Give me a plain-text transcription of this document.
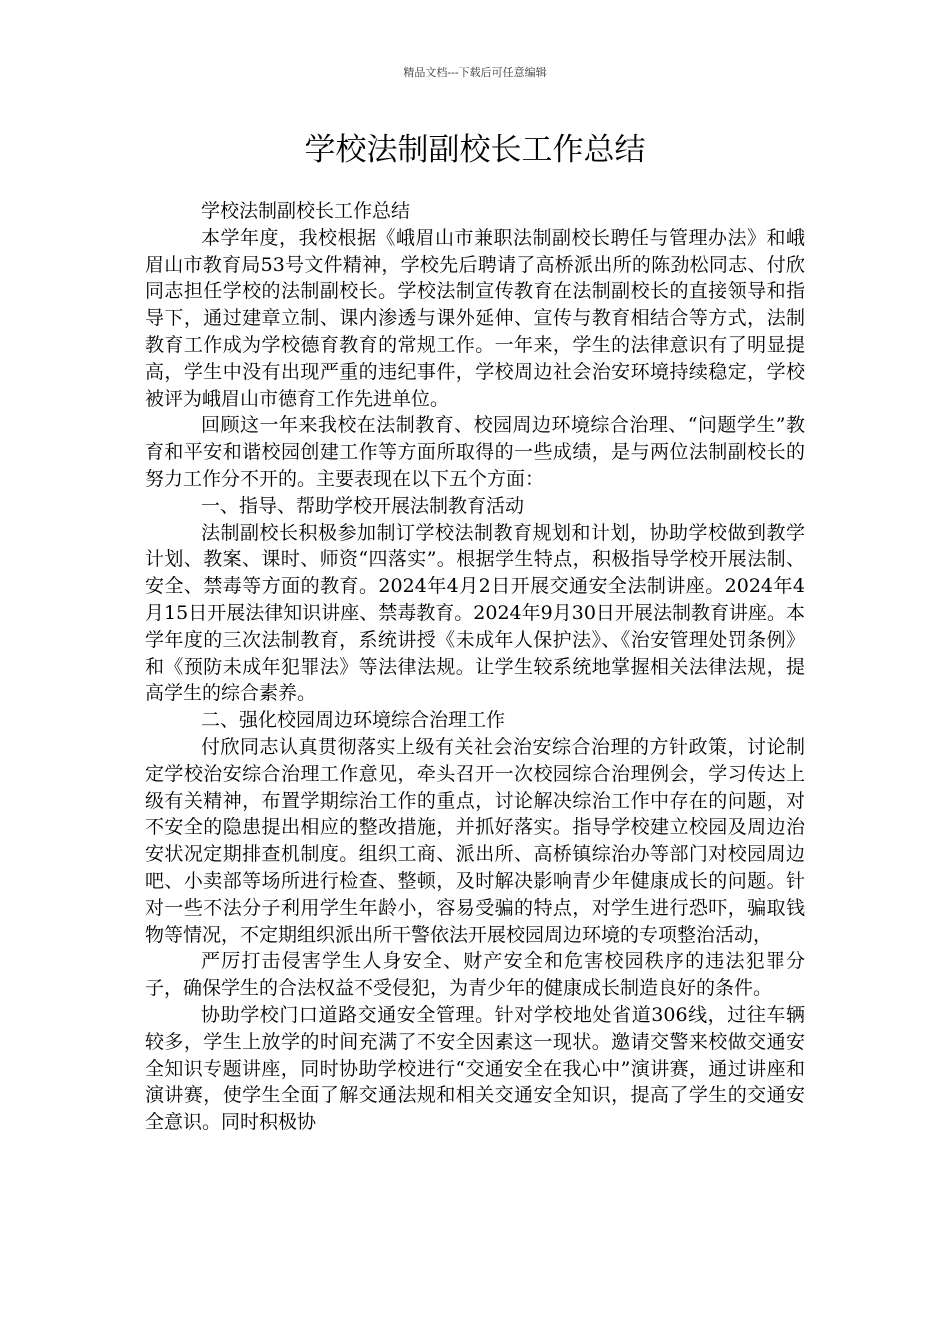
精品文档---下载后可任意编辑
学校法制副校长工作总结

学校法制副校长工作总结

本学年度，我校根据《峨眉山市兼职法制副校长聘任与管理办法》和峨眉山市教育局53号文件精神，学校先后聘请了高桥派出所的陈劲松同志、付欣同志担任学校的法制副校长。学校法制宣传教育在法制副校长的直接领导和指导下，通过建章立制、课内渗透与课外延伸、宣传与教育相结合等方式，法制教育工作成为学校德育教育的常规工作。一年来，学生的法律意识有了明显提高，学生中没有出现严重的违纪事件，学校周边社会治安环境持续稳定，学校被评为峨眉山市德育工作先进单位。

回顾这一年来我校在法制教育、校园周边环境综合治理、“问题学生”教育和平安和谐校园创建工作等方面所取得的一些成绩，是与两位法制副校长的努力工作分不开的。主要表现在以下五个方面：

一、指导、帮助学校开展法制教育活动

法制副校长积极参加制订学校法制教育规划和计划，协助学校做到教学计划、教案、课时、师资“四落实”。根据学生特点，积极指导学校开展法制、安全、禁毒等方面的教育。2024年4月2日开展交通安全法制讲座。2024年4月15日开展法律知识讲座、禁毒教育。2024年9月30日开展法制教育讲座。本学年度的三次法制教育，系统讲授《未成年人保护法》、《治安管理处罚条例》和《预防未成年犯罪法》等法律法规。让学生较系统地掌握相关法律法规，提高学生的综合素养。

二、强化校园周边环境综合治理工作

付欣同志认真贯彻落实上级有关社会治安综合治理的方针政策，讨论制定学校治安综合治理工作意见，牵头召开一次校园综合治理例会，学习传达上级有关精神，布置学期综治工作的重点，讨论解决综治工作中存在的问题，对不安全的隐患提出相应的整改措施，并抓好落实。指导学校建立校园及周边治安状况定期排查机制度。组织工商、派出所、高桥镇综治办等部门对校园周边吧、小卖部等场所进行检查、整顿，及时解决影响青少年健康成长的问题。针对一些不法分子利用学生年龄小，容易受骗的特点，对学生进行恐吓，骗取钱物等情况，不定期组织派出所干警依法开展校园周边环境的专项整治活动，

严厉打击侵害学生人身安全、财产安全和危害校园秩序的违法犯罪分子，确保学生的合法权益不受侵犯，为青少年的健康成长制造良好的条件。

协助学校门口道路交通安全管理。针对学校地处省道306线，过往车辆较多，学生上放学的时间充满了不安全因素这一现状。邀请交警来校做交通安全知识专题讲座，同时协助学校进行“交通安全在我心中”演讲赛，通过讲座和演讲赛，使学生全面了解交通法规和相关交通安全知识，提高了学生的交通安全意识。同时积极协
